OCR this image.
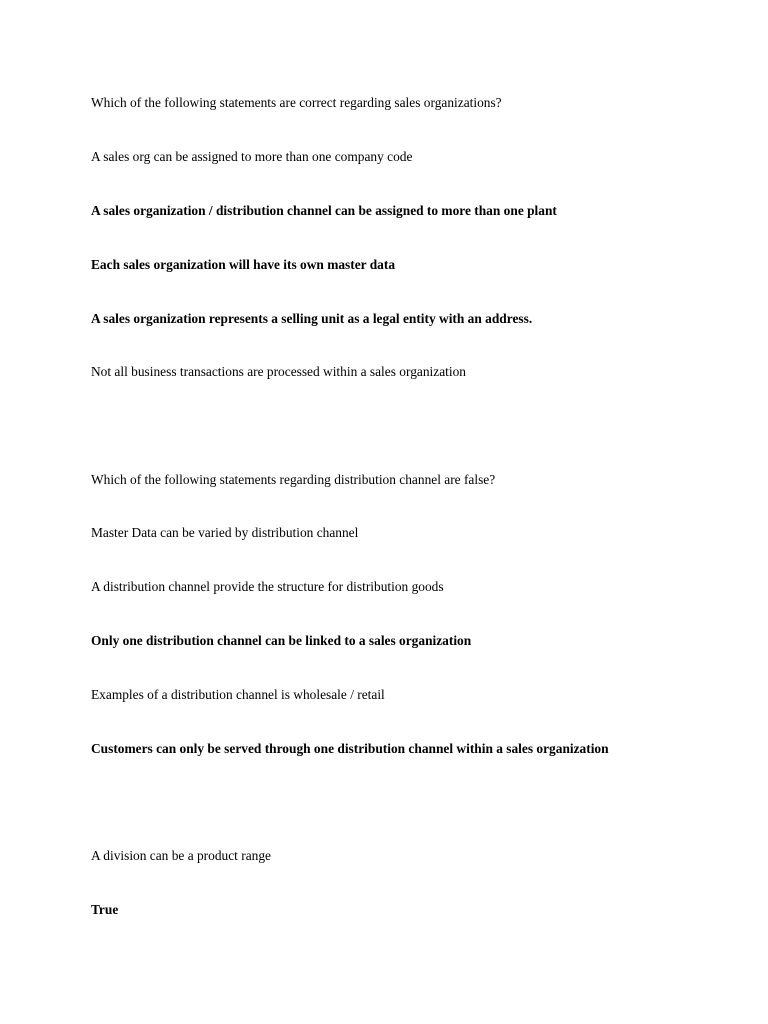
Which of the following statements are correct regarding sales organizations?

A sales org can be assigned to more than one company code

A sales organization / distribution channel can be assigned to more than one plant

Each sales organization will have its own master data

A sales organization represents a selling unit as a legal entity with an address.

Not all business transactions are processed within a sales organization

Which of the following statements regarding distribution channel are false?

Master Data can be varied by distribution channel

A distribution channel provide the structure for distribution goods

Only one distribution channel can be linked to a sales organization

Examples of a distribution channel is wholesale / retail

Customers can only be served through one distribution channel within a sales organization

A division can be a product range

True
